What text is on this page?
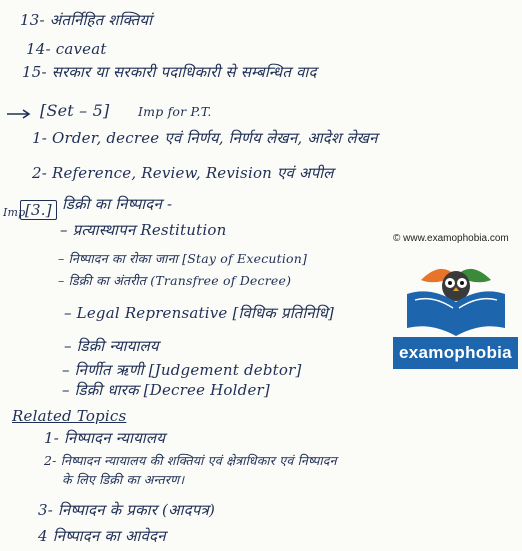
13- अंतर्निहित शक्तियां
14- caveat
15- सरकार या सरकारी पदाधिकारी से सम्बन्धित वाद
[Set – 5] Imp for P.T.
1- Order, decree एवं निर्णय, निर्णय लेखन, आदेश लेखन
2- Reference, Review, Revision एवं अपील
Imp [3.] डिक्री का निष्पादन -
– प्रत्यास्थापन Restitution
– निष्पादन का रोका जाना [Stay of Execution]
– डिक्री का अंतरीत (Transfree of Decree)
– Legal Reprensative [विधिक प्रतिनिधि]
– डिक्री न्यायालय
– निर्णीत ऋणी [Judgement debtor]
– डिक्री धारक [Decree Holder]
Related Topics
1- निष्पादन न्यायालय
2- निष्पादन न्यायालय की शक्तियां एवं क्षेत्राधिकार एवं निष्पादन
के लिए डिक्री का अन्तरण।
3- निष्पादन के प्रकार (आदपत्र)
4 निष्पादन का आवेदन
© www.examophobia.com
examophobia
